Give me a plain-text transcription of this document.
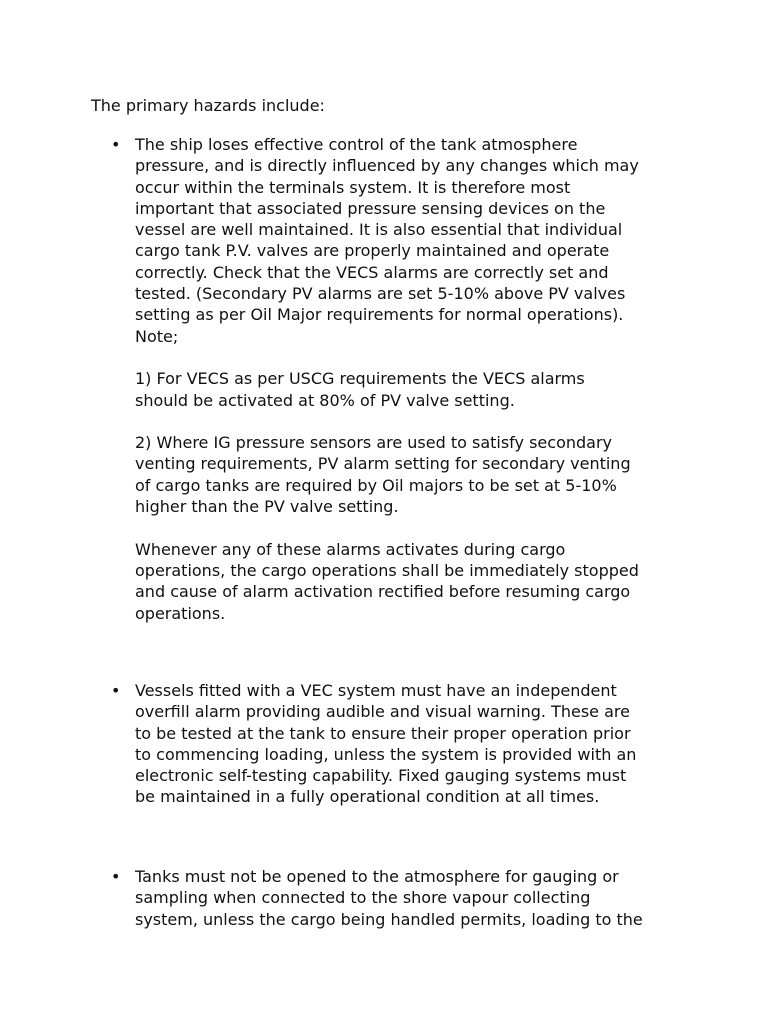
The primary hazards include:

• The ship loses effective control of the tank atmosphere
pressure, and is directly influenced by any changes which may
occur within the terminals system. It is therefore most
important that associated pressure sensing devices on the
vessel are well maintained. It is also essential that individual
cargo tank P.V. valves are properly maintained and operate
correctly. Check that the VECS alarms are correctly set and
tested. (Secondary PV alarms are set 5-10% above PV valves
setting as per Oil Major requirements for normal operations).
Note;
1) For VECS as per USCG requirements the VECS alarms
should be activated at 80% of PV valve setting.
2) Where IG pressure sensors are used to satisfy secondary
venting requirements, PV alarm setting for secondary venting
of cargo tanks are required by Oil majors to be set at 5-10%
higher than the PV valve setting.
Whenever any of these alarms activates during cargo
operations, the cargo operations shall be immediately stopped
and cause of alarm activation rectified before resuming cargo
operations.
• Vessels fitted with a VEC system must have an independent
overfill alarm providing audible and visual warning. These are
to be tested at the tank to ensure their proper operation prior
to commencing loading, unless the system is provided with an
electronic self-testing capability. Fixed gauging systems must
be maintained in a fully operational condition at all times.
• Tanks must not be opened to the atmosphere for gauging or
sampling when connected to the shore vapour collecting
system, unless the cargo being handled permits, loading to the
